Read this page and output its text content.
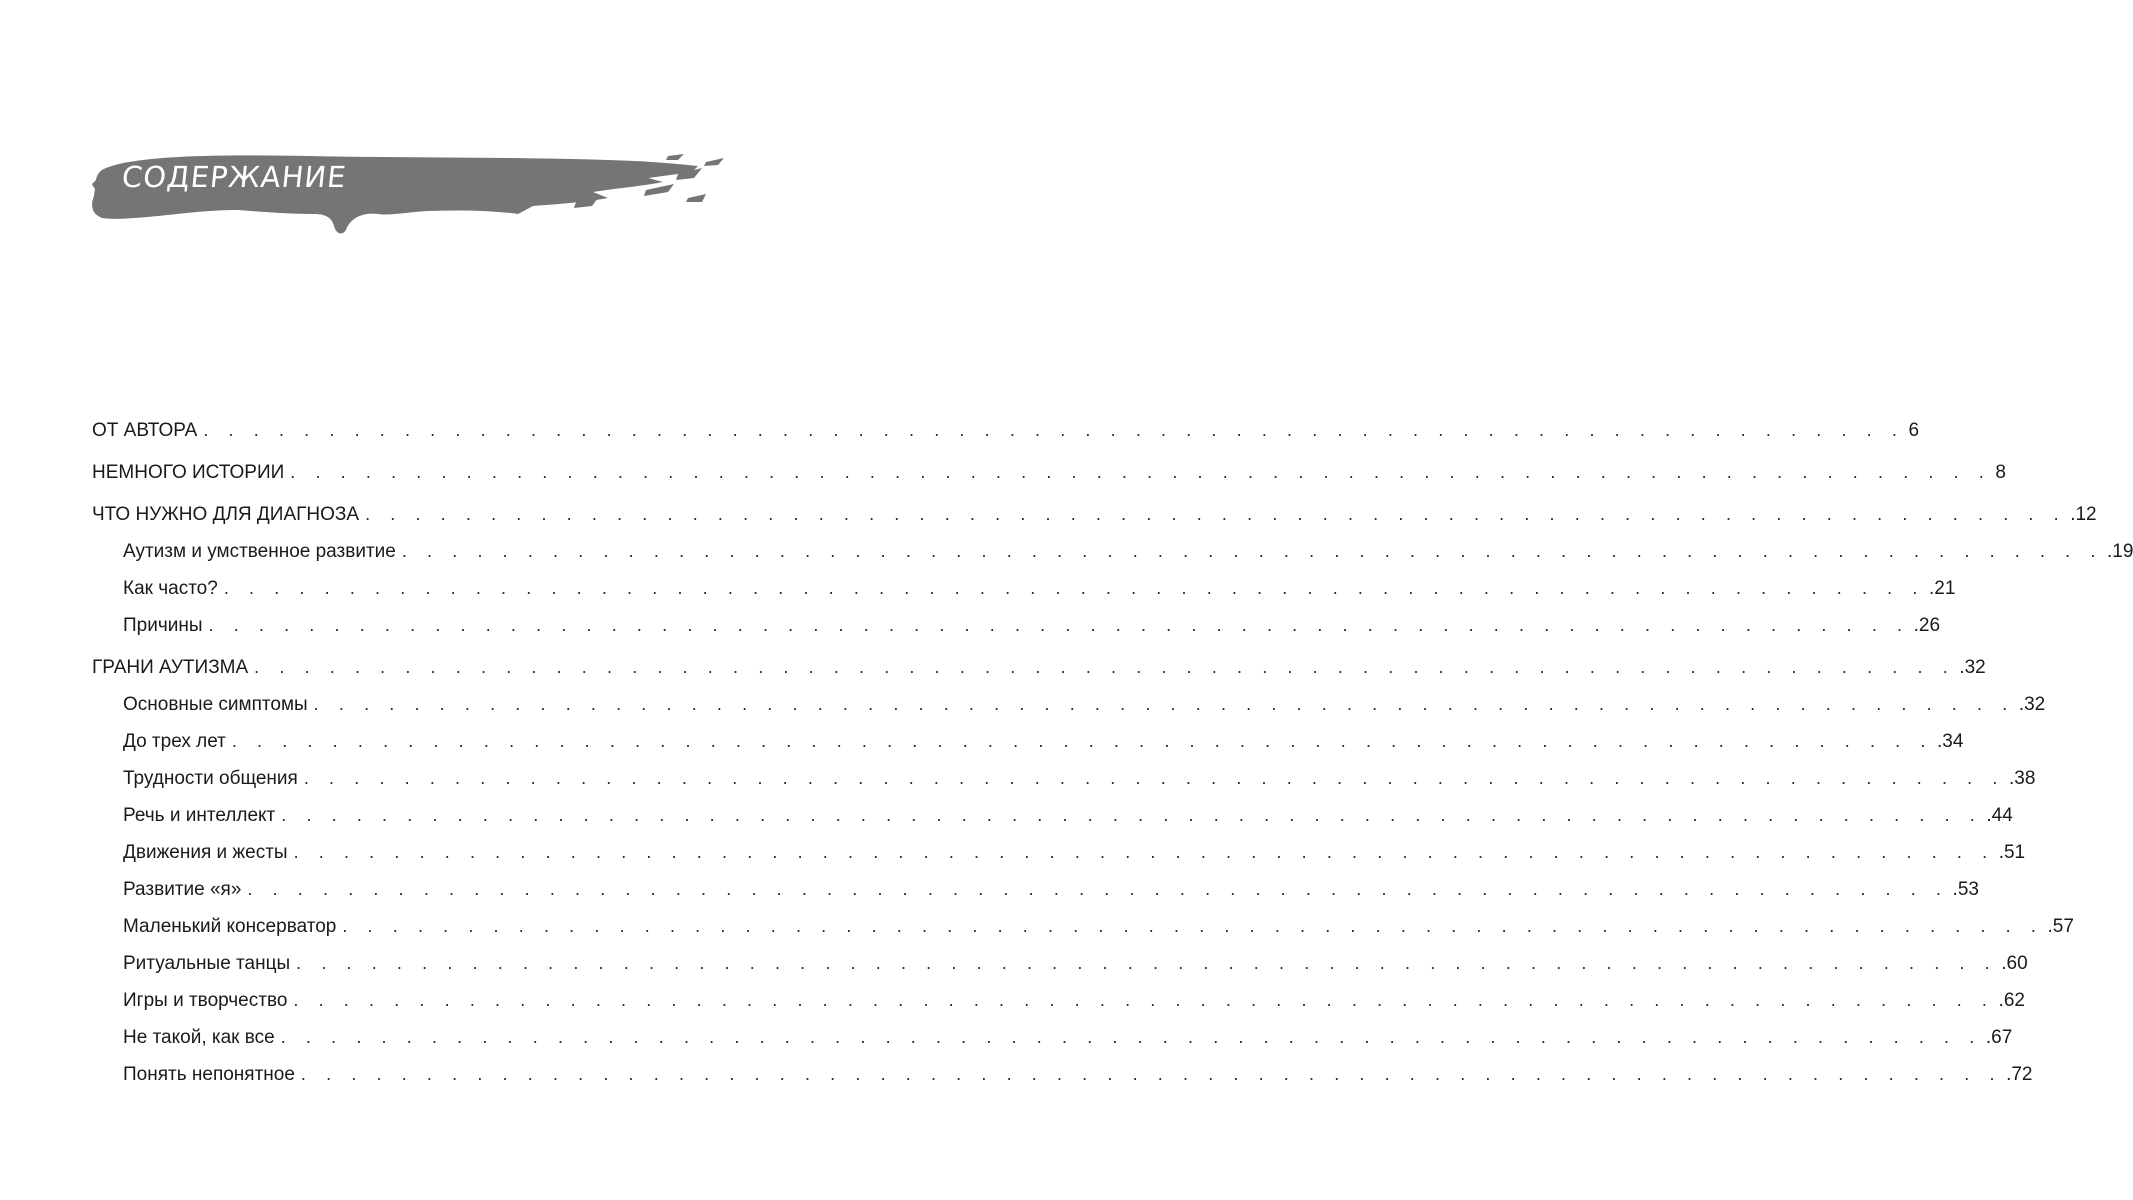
СОДЕРЖАНИЕ
ОТ АВТОРА . . . . . . . . . . . . . . . . . . . . . . . . . . . . . . . . . . . . . . . . . . . . . . . . . . . . . . . . . . . . . . . . . . . . 6
НЕМНОГО ИСТОРИИ . . . . . . . . . . . . . . . . . . . . . . . . . . . . . . . . . . . . . . . . . . . . . . . . . . . . . . . . . . . . . . . . . . . . 8
ЧТО НУЖНО ДЛЯ ДИАГНОЗА . . . . . . . . . . . . . . . . . . . . . . . . . . . . . . . . . . . . . . . . . . . . . . . . . . . . . . . . . . . . . . . . . . . . .12
Аутизм и умственное развитие . . . . . . . . . . . . . . . . . . . . . . . . . . . . . . . . . . . . . . . . . . . . . . . . . . . . . . . . . . . . . . . . . . . . .19
Как часто? . . . . . . . . . . . . . . . . . . . . . . . . . . . . . . . . . . . . . . . . . . . . . . . . . . . . . . . . . . . . . . . . . . . . .21
Причины . . . . . . . . . . . . . . . . . . . . . . . . . . . . . . . . . . . . . . . . . . . . . . . . . . . . . . . . . . . . . . . . . . . . .26
ГРАНИ АУТИЗМА . . . . . . . . . . . . . . . . . . . . . . . . . . . . . . . . . . . . . . . . . . . . . . . . . . . . . . . . . . . . . . . . . . . . .32
Основные симптомы . . . . . . . . . . . . . . . . . . . . . . . . . . . . . . . . . . . . . . . . . . . . . . . . . . . . . . . . . . . . . . . . . . . . .32
До трех лет . . . . . . . . . . . . . . . . . . . . . . . . . . . . . . . . . . . . . . . . . . . . . . . . . . . . . . . . . . . . . . . . . . . . .34
Трудности общения . . . . . . . . . . . . . . . . . . . . . . . . . . . . . . . . . . . . . . . . . . . . . . . . . . . . . . . . . . . . . . . . . . . . .38
Речь и интеллект . . . . . . . . . . . . . . . . . . . . . . . . . . . . . . . . . . . . . . . . . . . . . . . . . . . . . . . . . . . . . . . . . . . . .44
Движения и жесты . . . . . . . . . . . . . . . . . . . . . . . . . . . . . . . . . . . . . . . . . . . . . . . . . . . . . . . . . . . . . . . . . . . . .51
Развитие «я» . . . . . . . . . . . . . . . . . . . . . . . . . . . . . . . . . . . . . . . . . . . . . . . . . . . . . . . . . . . . . . . . . . . . .53
Маленький консерватор . . . . . . . . . . . . . . . . . . . . . . . . . . . . . . . . . . . . . . . . . . . . . . . . . . . . . . . . . . . . . . . . . . . . .57
Ритуальные танцы . . . . . . . . . . . . . . . . . . . . . . . . . . . . . . . . . . . . . . . . . . . . . . . . . . . . . . . . . . . . . . . . . . . . .60
Игры и творчество . . . . . . . . . . . . . . . . . . . . . . . . . . . . . . . . . . . . . . . . . . . . . . . . . . . . . . . . . . . . . . . . . . . . .62
Не такой, как все . . . . . . . . . . . . . . . . . . . . . . . . . . . . . . . . . . . . . . . . . . . . . . . . . . . . . . . . . . . . . . . . . . . . .67
Понять непонятное . . . . . . . . . . . . . . . . . . . . . . . . . . . . . . . . . . . . . . . . . . . . . . . . . . . . . . . . . . . . . . . . . . . . .72
